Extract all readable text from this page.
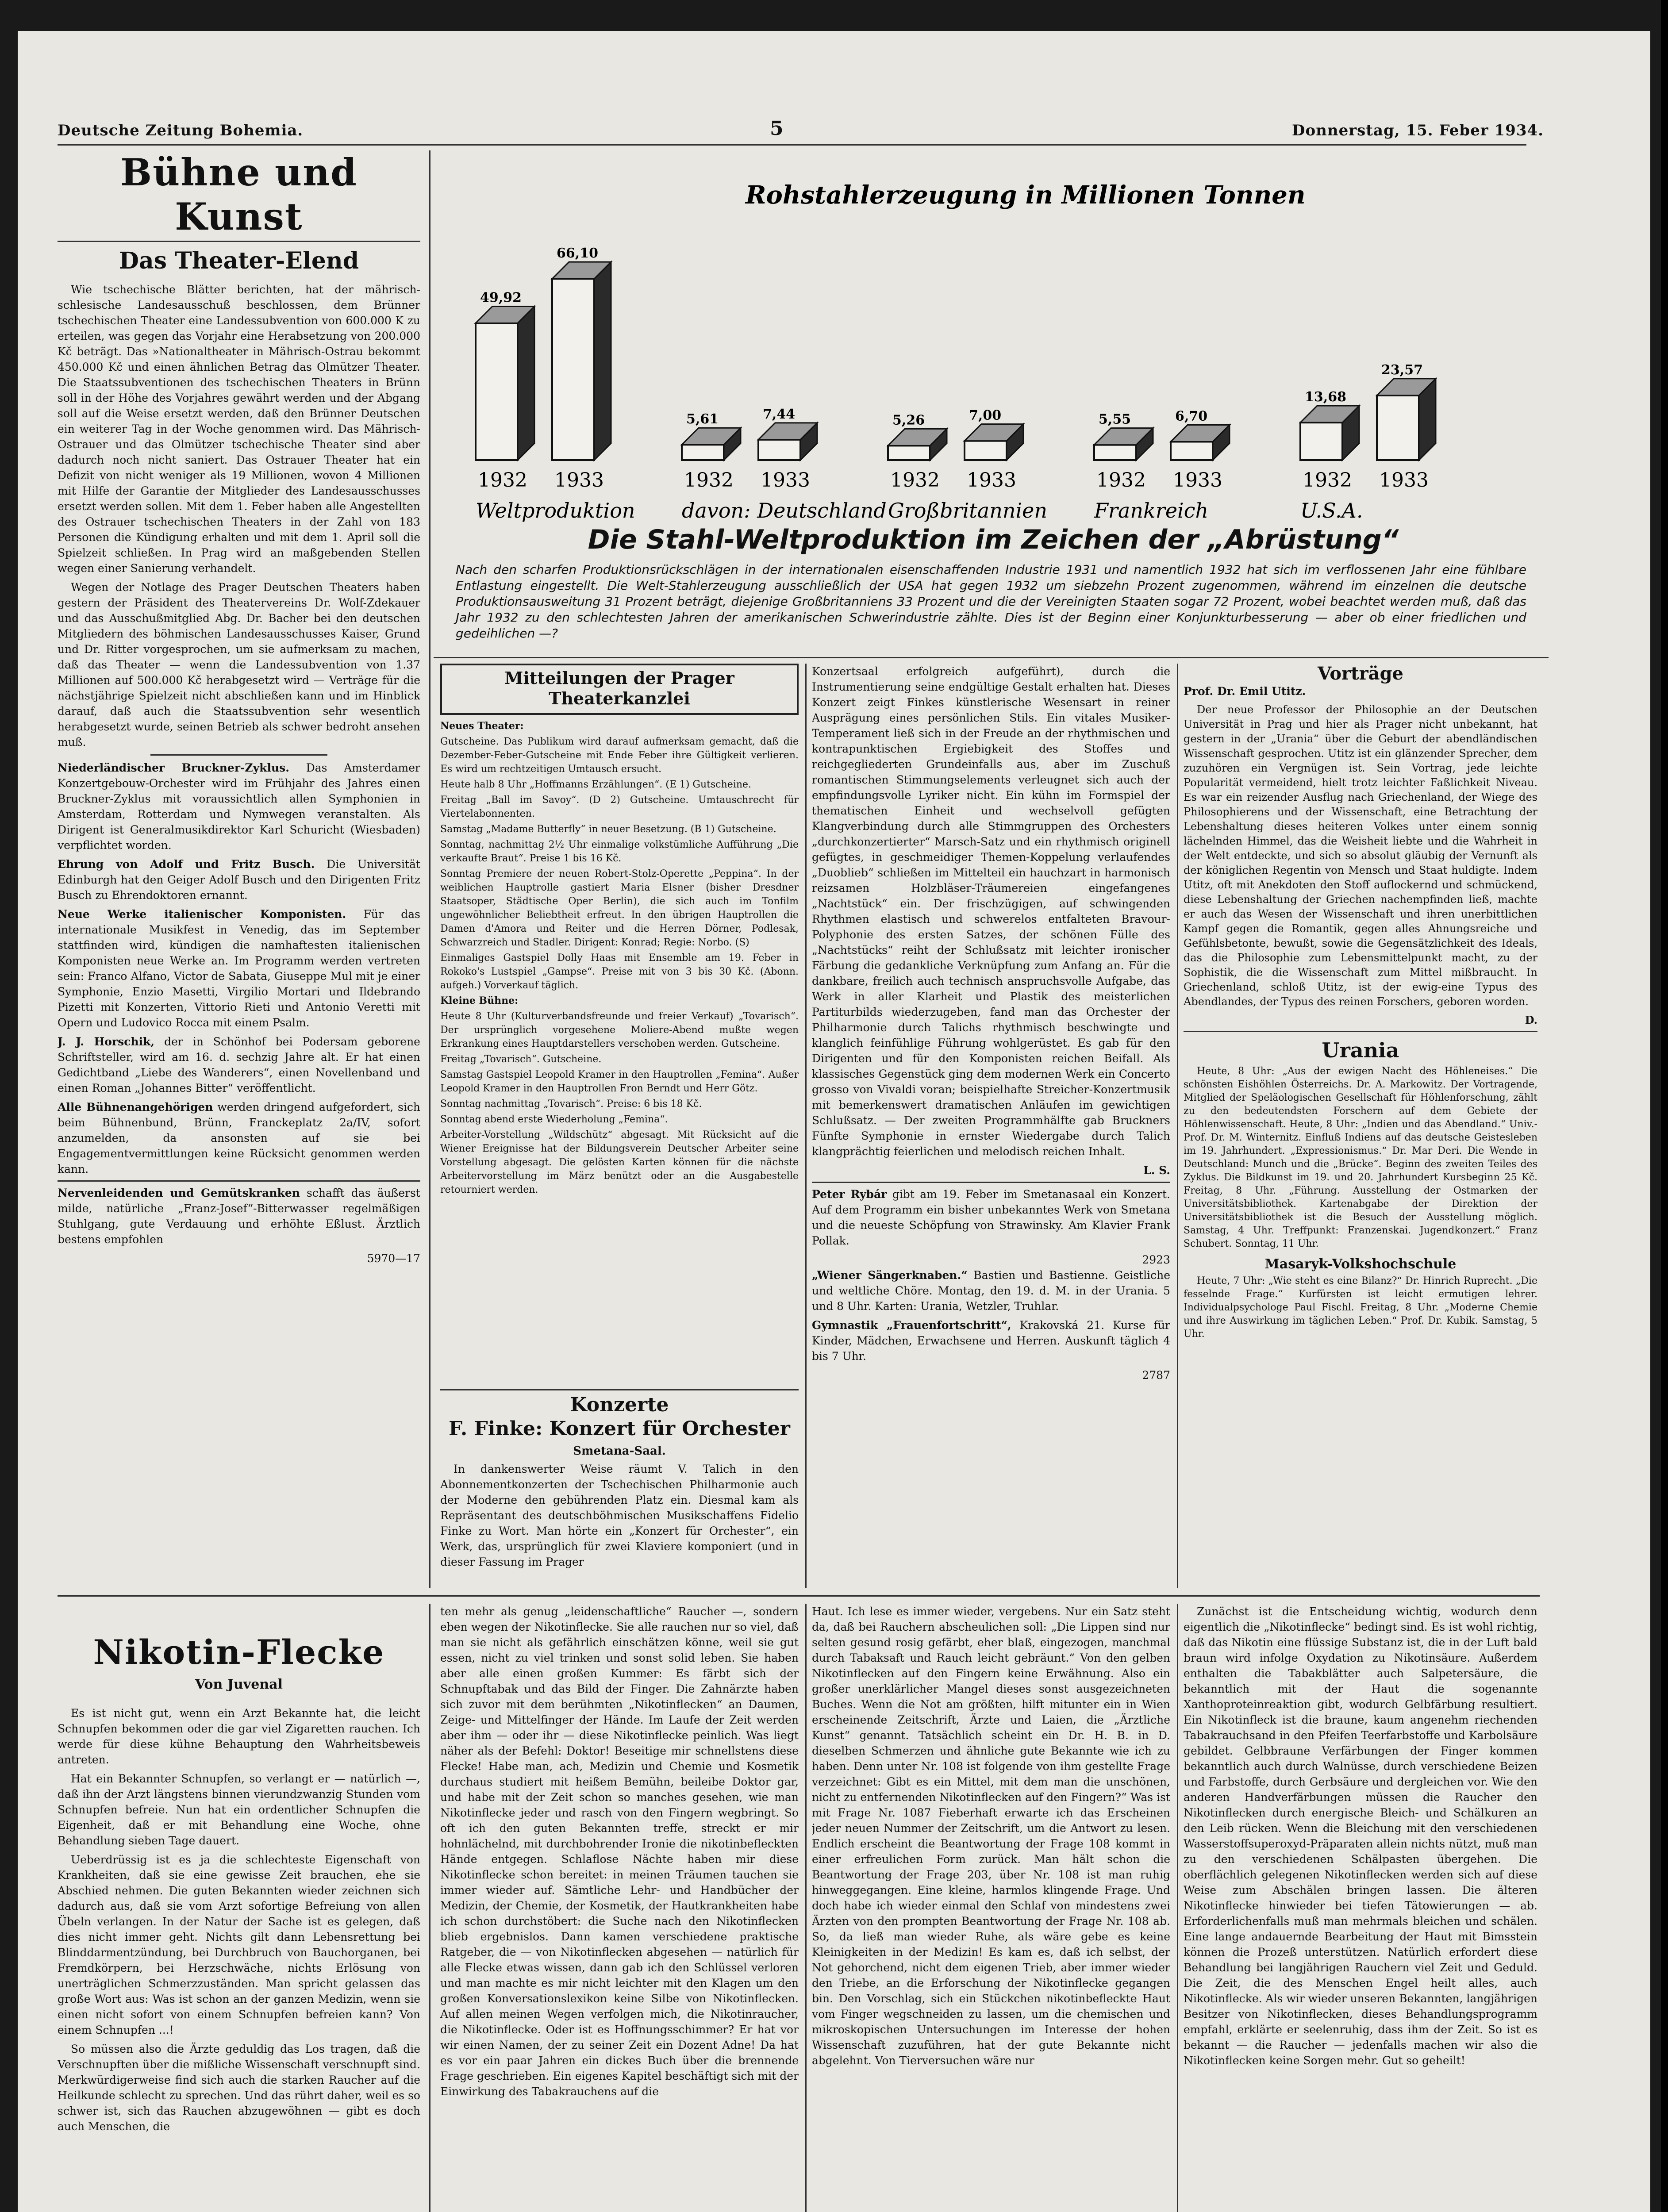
Deutsche Zeitung Bohemia.	5	Donnerstag, 15. Feber 1934.
Bühne und Kunst
Das Theater-Elend

Wie tschechische Blätter berichten, hat der mährisch-schlesische Landesausschuß beschlossen, dem Brünner tschechischen Theater eine Landessubvention von 600.000 K zu erteilen, was gegen das Vorjahr eine Herabsetzung von 200.000 Kč beträgt. Das »Nationaltheater in Mährisch-Ostrau bekommt 450.000 Kč und einen ähnlichen Betrag das Olmützer Theater. Die Staatssubventionen des tschechischen Theaters in Brünn soll in der Höhe des Vorjahres gewährt werden und der Abgang soll auf die Weise ersetzt werden, daß den Brünner Deutschen ein weiterer Tag in der Woche genommen wird. Das Mährisch-Ostrauer und das Olmützer tschechische Theater sind aber dadurch noch nicht saniert. Das Ostrauer Theater hat ein Defizit von nicht weniger als 19 Millionen, wovon 4 Millionen mit Hilfe der Garantie der Mitglieder des Landesausschusses ersetzt werden sollen. Mit dem 1. Feber haben alle Angestellten des Ostrauer tschechischen Theaters in der Zahl von 183 Personen die Kündigung erhalten und mit dem 1. April soll die Spielzeit schließen. In Prag wird an maßgebenden Stellen wegen einer Sanierung verhandelt.

Wegen der Notlage des Prager Deutschen Theaters haben gestern der Präsident des Theatervereins Dr. Wolf-Zdekauer und das Ausschußmitglied Abg. Dr. Bacher bei den deutschen Mitgliedern des böhmischen Landesausschusses Kaiser, Grund und Dr. Ritter vorgesprochen, um sie aufmerksam zu machen, daß das Theater — wenn die Landessubvention von 1.37 Millionen auf 500.000 Kč herabgesetzt wird — Verträge für die nächstjährige Spielzeit nicht abschließen kann und im Hinblick darauf, daß auch die Staatssubvention sehr wesentlich herabgesetzt wurde, seinen Betrieb als schwer bedroht ansehen muß.

Niederländischer Bruckner-Zyklus. Das Amsterdamer Konzertgebouw-Orchester wird im Frühjahr des Jahres einen Bruckner-Zyklus mit voraussichtlich allen Symphonien in Amsterdam, Rotterdam und Nymwegen veranstalten. Als Dirigent ist Generalmusikdirektor Karl Schuricht (Wiesbaden) verpflichtet worden.

Ehrung von Adolf und Fritz Busch. Die Universität Edinburgh hat den Geiger Adolf Busch und den Dirigenten Fritz Busch zu Ehrendoktoren ernannt.

Neue Werke italienischer Komponisten. Für das internationale Musikfest in Venedig, das im September stattfinden wird, kündigen die namhaftesten italienischen Komponisten neue Werke an. Im Programm werden vertreten sein: Franco Alfano, Victor de Sabata, Giuseppe Mul mit je einer Symphonie, Enzio Masetti, Virgilio Mortari und Ildebrando Pizetti mit Konzerten, Vittorio Rieti und Antonio Veretti mit Opern und Ludovico Rocca mit einem Psalm.

J. J. Horschik, der in Schönhof bei Podersam geborene Schriftsteller, wird am 16. d. sechzig Jahre alt. Er hat einen Gedichtband „Liebe des Wanderers“, einen Novellenband und einen Roman „Johannes Bitter“ veröffentlicht.

Alle Bühnenangehörigen werden dringend aufgefordert, sich beim Bühnenbund, Brünn, Franckeplatz 2a/IV, sofort anzumelden, da ansonsten auf sie bei Engagementvermittlungen keine Rücksicht genommen werden kann.

Nervenleidenden und Gemütskranken schafft das äußerst milde, natürliche „Franz-Josef“-Bitterwasser regelmäßigen Stuhlgang, gute Verdauung und erhöhte Eßlust. Ärztlich bestens empfohlen

5970—17
Rohstahlerzeugung in Millionen Tonnen
49,92
1932
66,10
1933
Weltproduktion
5,61
1932
7,44
1933
davon: Deutschland
5,26
1932
7,00
1933
Großbritannien
5,55
1932
6,70
1933
Frankreich
13,68
1932
23,57
1933
U.S.A.
Die Stahl-Weltproduktion im Zeichen der „Abrüstung“
Nach den scharfen Produktionsrückschlägen in der internationalen eisenschaffenden Industrie 1931 und namentlich 1932 hat sich im verflossenen Jahr eine fühlbare Entlastung eingestellt. Die Welt-Stahlerzeugung ausschließlich der USA hat gegen 1932 um siebzehn Prozent zugenommen, während im einzelnen die deutsche Produktionsausweitung 31 Prozent beträgt, diejenige Großbritanniens 33 Prozent und die der Vereinigten Staaten sogar 72 Prozent, wobei beachtet werden muß, daß das Jahr 1932 zu den schlechtesten Jahren der amerikanischen Schwerindustrie zählte. Dies ist der Beginn einer Konjunkturbesserung — aber ob einer friedlichen und gedeihlichen —?
Mitteilungen der Prager Theaterkanzlei

Neues Theater:

Gutscheine. Das Publikum wird darauf aufmerksam gemacht, daß die Dezember-Feber-Gutscheine mit Ende Feber ihre Gültigkeit verlieren. Es wird um rechtzeitigen Umtausch ersucht.

Heute halb 8 Uhr „Hoffmanns Erzählungen“. (E 1) Gutscheine.

Freitag „Ball im Savoy“. (D 2) Gutscheine. Umtauschrecht für Viertelabonnenten.

Samstag „Madame Butterfly“ in neuer Besetzung. (B 1) Gutscheine.

Sonntag, nachmittag 2½ Uhr einmalige volkstümliche Aufführung „Die verkaufte Braut“. Preise 1 bis 16 Kč.

Sonntag Premiere der neuen Robert-Stolz-Operette „Peppina“. In der weiblichen Hauptrolle gastiert Maria Elsner (bisher Dresdner Staatsoper, Städtische Oper Berlin), die sich auch im Tonfilm ungewöhnlicher Beliebtheit erfreut. In den übrigen Hauptrollen die Damen d'Amora und Reiter und die Herren Dörner, Podlesak, Schwarzreich und Stadler. Dirigent: Konrad; Regie: Norbo. (S)

Einmaliges Gastspiel Dolly Haas mit Ensemble am 19. Feber in Rokoko's Lustspiel „Gampse“. Preise mit von 3 bis 30 Kč. (Abonn. aufgeh.) Vorverkauf täglich.

Kleine Bühne:

Heute 8 Uhr (Kulturverbandsfreunde und freier Verkauf) „Tovarisch“. Der ursprünglich vorgesehene Moliere-Abend mußte wegen Erkrankung eines Hauptdarstellers verschoben werden. Gutscheine.

Freitag „Tovarisch“. Gutscheine.

Samstag Gastspiel Leopold Kramer in den Hauptrollen „Femina“. Außer Leopold Kramer in den Hauptrollen Fron Berndt und Herr Götz.

Sonntag nachmittag „Tovarisch“. Preise: 6 bis 18 Kč.

Sonntag abend erste Wiederholung „Femina“.

Arbeiter-Vorstellung „Wildschütz“ abgesagt. Mit Rücksicht auf die Wiener Ereignisse hat der Bildungsverein Deutscher Arbeiter seine Vorstellung abgesagt. Die gelösten Karten können für die nächste Arbeitervorstellung im März benützt oder an die Ausgabestelle retourniert werden.

Konzerte
F. Finke: Konzert für Orchester
Smetana-Saal.

In dankenswerter Weise räumt V. Talich in den Abonnementkonzerten der Tschechischen Philharmonie auch der Moderne den gebührenden Platz ein. Diesmal kam als Repräsentant des deutschböhmischen Musikschaffens Fidelio Finke zu Wort. Man hörte ein „Konzert für Orchester“, ein Werk, das, ursprünglich für zwei Klaviere komponiert (und in dieser Fassung im Prager

Konzertsaal erfolgreich aufgeführt), durch die Instrumentierung seine endgültige Gestalt erhalten hat. Dieses Konzert zeigt Finkes künstlerische Wesensart in reiner Ausprägung eines persönlichen Stils. Ein vitales Musiker-Temperament ließ sich in der Freude an der rhythmischen und kontrapunktischen Ergiebigkeit des Stoffes und reichgegliederten Grundeinfalls aus, aber im Zuschuß romantischen Stimmungselements verleugnet sich auch der empfindungsvolle Lyriker nicht. Ein kühn im Formspiel der thematischen Einheit und wechselvoll gefügten Klangverbindung durch alle Stimmgruppen des Orchesters „durchkonzertierter“ Marsch-Satz und ein rhythmisch originell gefügtes, in geschmeidiger Themen-Koppelung verlaufendes „Duoblieb“ schließen im Mittelteil ein hauchzart in harmonisch reizsamen Holzbläser-Träumereien eingefangenes „Nachtstück“ ein. Der frischzügigen, auf schwingenden Rhythmen elastisch und schwerelos entfalteten Bravour-Polyphonie des ersten Satzes, der schönen Fülle des „Nachtstücks“ reiht der Schlußsatz mit leichter ironischer Färbung die gedankliche Verknüpfung zum Anfang an. Für die dankbare, freilich auch technisch anspruchsvolle Aufgabe, das Werk in aller Klarheit und Plastik des meisterlichen Partiturbilds wiederzugeben, fand man das Orchester der Philharmonie durch Talichs rhythmisch beschwingte und klanglich feinfühlige Führung wohlgerüstet. Es gab für den Dirigenten und für den Komponisten reichen Beifall. Als klassisches Gegenstück ging dem modernen Werk ein Concerto grosso von Vivaldi voran; beispielhafte Streicher-Konzertmusik mit bemerkenswert dramatischen Anläufen im gewichtigen Schlußsatz. — Der zweiten Programmhälfte gab Bruckners Fünfte Symphonie in ernster Wiedergabe durch Talich klangprächtig feierlichen und melodisch reichen Inhalt.

L. S.

Peter Rybár gibt am 19. Feber im Smetanasaal ein Konzert. Auf dem Programm ein bisher unbekanntes Werk von Smetana und die neueste Schöpfung von Strawinsky. Am Klavier Frank Pollak.

2923

„Wiener Sängerknaben.“ Bastien und Bastienne. Geistliche und weltliche Chöre. Montag, den 19. d. M. in der Urania. 5 und 8 Uhr. Karten: Urania, Wetzler, Truhlar.

Gymnastik „Frauenfortschritt“, Krakovská 21. Kurse für Kinder, Mädchen, Erwachsene und Herren. Auskunft täglich 4 bis 7 Uhr.

2787
Vorträge

Prof. Dr. Emil Utitz.

Der neue Professor der Philosophie an der Deutschen Universität in Prag und hier als Prager nicht unbekannt, hat gestern in der „Urania“ über die Geburt der abendländischen Wissenschaft gesprochen. Utitz ist ein glänzender Sprecher, dem zuzuhören ein Vergnügen ist. Sein Vortrag, jede leichte Popularität vermeidend, hielt trotz leichter Faßlichkeit Niveau. Es war ein reizender Ausflug nach Griechenland, der Wiege des Philosophierens und der Wissenschaft, eine Betrachtung der Lebenshaltung dieses heiteren Volkes unter einem sonnig lächelnden Himmel, das die Weisheit liebte und die Wahrheit in der Welt entdeckte, und sich so absolut gläubig der Vernunft als der königlichen Regentin von Mensch und Staat huldigte. Indem Utitz, oft mit Anekdoten den Stoff auflockernd und schmückend, diese Lebenshaltung der Griechen nachempfinden ließ, machte er auch das Wesen der Wissenschaft und ihren unerbittlichen Kampf gegen die Romantik, gegen alles Ahnungsreiche und Gefühlsbetonte, bewußt, sowie die Gegensätzlichkeit des Ideals, das die Philosophie zum Lebensmittelpunkt macht, zu der Sophistik, die die Wissenschaft zum Mittel mißbraucht. In Griechenland, schloß Utitz, ist der ewig-eine Typus des Abendlandes, der Typus des reinen Forschers, geboren worden.

D.
Urania

Heute, 8 Uhr: „Aus der ewigen Nacht des Höhleneises.“ Die schönsten Eishöhlen Österreichs. Dr. A. Markowitz. Der Vortragende, Mitglied der Speläologischen Gesellschaft für Höhlenforschung, zählt zu den bedeutendsten Forschern auf dem Gebiete der Höhlenwissenschaft. Heute, 8 Uhr: „Indien und das Abendland.“ Univ.-Prof. Dr. M. Winternitz. Einfluß Indiens auf das deutsche Geistesleben im 19. Jahrhundert. „Expressionismus.“ Dr. Mar Deri. Die Wende in Deutschland: Munch und die „Brücke“. Beginn des zweiten Teiles des Zyklus. Die Bildkunst im 19. und 20. Jahrhundert Kursbeginn 25 Kč. Freitag, 8 Uhr. „Führung. Ausstellung der Ostmarken der Universitätsbibliothek. Kartenabgabe der Direktion der Universitätsbibliothek ist die Besuch der Ausstellung möglich. Samstag, 4 Uhr. Treffpunkt: Franzenskai. Jugendkonzert.“ Franz Schubert. Sonntag, 11 Uhr.

Masaryk-Volkshochschule

Heute, 7 Uhr: „Wie steht es eine Bilanz?“ Dr. Hinrich Ruprecht. „Die fesselnde Frage.“ Kurfürsten ist leicht ermutigen lehrer. Individualpsychologe Paul Fischl. Freitag, 8 Uhr. „Moderne Chemie und ihre Auswirkung im täglichen Leben.“ Prof. Dr. Kubik. Samstag, 5 Uhr.

Nikotin-Flecke
Von Juvenal

Es ist nicht gut, wenn ein Arzt Bekannte hat, die leicht Schnupfen bekommen oder die gar viel Zigaretten rauchen. Ich werde für diese kühne Behauptung den Wahrheitsbeweis antreten.

Hat ein Bekannter Schnupfen, so verlangt er — natürlich —, daß ihn der Arzt längstens binnen vierundzwanzig Stunden vom Schnupfen befreie. Nun hat ein ordentlicher Schnupfen die Eigenheit, daß er mit Behandlung eine Woche, ohne Behandlung sieben Tage dauert.

Ueberdrüssig ist es ja die schlechteste Eigenschaft von Krankheiten, daß sie eine gewisse Zeit brauchen, ehe sie Abschied nehmen. Die guten Bekannten wieder zeichnen sich dadurch aus, daß sie vom Arzt sofortige Befreiung von allen Übeln verlangen. In der Natur der Sache ist es gelegen, daß dies nicht immer geht. Nichts gilt dann Lebensrettung bei Blinddarmentzündung, bei Durchbruch von Bauchorganen, bei Fremdkörpern, bei Herzschwäche, nichts Erlösung von unerträglichen Schmerzzuständen. Man spricht gelassen das große Wort aus: Was ist schon an der ganzen Medizin, wenn sie einen nicht sofort von einem Schnupfen befreien kann? Von einem Schnupfen ...!

So müssen also die Ärzte geduldig das Los tragen, daß die Verschnupften über die mißliche Wissenschaft verschnupft sind. Merkwürdigerweise find sich auch die starken Raucher auf die Heilkunde schlecht zu sprechen. Und das rührt daher, weil es so schwer ist, sich das Rauchen abzugewöhnen — gibt es doch auch Menschen, die

ten mehr als genug „leidenschaftliche“ Raucher —, sondern eben wegen der Nikotinflecke. Sie alle rauchen nur so viel, daß man sie nicht als gefährlich einschätzen könne, weil sie gut essen, nicht zu viel trinken und sonst solid leben. Sie haben aber alle einen großen Kummer: Es färbt sich der Schnupftabak und das Bild der Finger. Die Zahnärzte haben sich zuvor mit dem berühmten „Nikotinflecken“ an Daumen, Zeige- und Mittelfinger der Hände. Im Laufe der Zeit werden aber ihm — oder ihr — diese Nikotinflecke peinlich. Was liegt näher als der Befehl: Doktor! Beseitige mir schnellstens diese Flecke! Habe man, ach, Medizin und Chemie und Kosmetik durchaus studiert mit heißem Bemühn, beileibe Doktor gar, und habe mit der Zeit schon so manches gesehen, wie man Nikotinflecke jeder und rasch von den Fingern wegbringt. So oft ich den guten Bekannten treffe, streckt er mir hohnlächelnd, mit durchbohrender Ironie die nikotinbefleckten Hände entgegen. Schlaflose Nächte haben mir diese Nikotinflecke schon bereitet: in meinen Träumen tauchen sie immer wieder auf. Sämtliche Lehr- und Handbücher der Medizin, der Chemie, der Kosmetik, der Hautkrankheiten habe ich schon durchstöbert: die Suche nach den Nikotinflecken blieb ergebnislos. Dann kamen verschiedene praktische Ratgeber, die — von Nikotinflecken abgesehen — natürlich für alle Flecke etwas wissen, dann gab ich den Schlüssel verloren und man machte es mir nicht leichter mit den Klagen um den großen Konversationslexikon keine Silbe von Nikotinflecken. Auf allen meinen Wegen verfolgen mich, die Nikotinraucher, die Nikotinflecke. Oder ist es Hoffnungsschimmer? Er hat vor wir einen Namen, der zu seiner Zeit ein Dozent Adne! Da hat es vor ein paar Jahren ein dickes Buch über die brennende Frage geschrieben. Ein eigenes Kapitel beschäftigt sich mit der Einwirkung des Tabakrauchens auf die

Haut. Ich lese es immer wieder, vergebens. Nur ein Satz steht da, daß bei Rauchern abscheulichen soll: „Die Lippen sind nur selten gesund rosig gefärbt, eher blaß, eingezogen, manchmal durch Tabaksaft und Rauch leicht gebräunt.“ Von den gelben Nikotinflecken auf den Fingern keine Erwähnung. Also ein großer unerklärlicher Mangel dieses sonst ausgezeichneten Buches. Wenn die Not am größten, hilft mitunter ein in Wien erscheinende Zeitschrift, Ärzte und Laien, die „Ärztliche Kunst“ genannt. Tatsächlich scheint ein Dr. H. B. in D. dieselben Schmerzen und ähnliche gute Bekannte wie ich zu haben. Denn unter Nr. 108 ist folgende von ihm gestellte Frage verzeichnet: Gibt es ein Mittel, mit dem man die unschönen, nicht zu entfernenden Nikotinflecken auf den Fingern?“ Was ist mit Frage Nr. 1087 Fieberhaft erwarte ich das Erscheinen jeder neuen Nummer der Zeitschrift, um die Antwort zu lesen. Endlich erscheint die Beantwortung der Frage 108 kommt in einer erfreulichen Form zurück. Man hält schon die Beantwortung der Frage 203, über Nr. 108 ist man ruhig hinweggegangen. Eine kleine, harmlos klingende Frage. Und doch habe ich wieder einmal den Schlaf von mindestens zwei Ärzten von den prompten Beantwortung der Frage Nr. 108 ab. So, da ließ man wieder Ruhe, als wäre gebe es keine Kleinigkeiten in der Medizin! Es kam es, daß ich selbst, der Not gehorchend, nicht dem eigenen Trieb, aber immer wieder den Triebe, an die Erforschung der Nikotinflecke gegangen bin. Den Vorschlag, sich ein Stückchen nikotinbefleckte Haut vom Finger wegschneiden zu lassen, um die chemischen und mikroskopischen Untersuchungen im Interesse der hohen Wissenschaft zuzuführen, hat der gute Bekannte nicht abgelehnt. Von Tierversuchen wäre nur

Zunächst ist die Entscheidung wichtig, wodurch denn eigentlich die „Nikotinflecke“ bedingt sind. Es ist wohl richtig, daß das Nikotin eine flüssige Substanz ist, die in der Luft bald braun wird infolge Oxydation zu Nikotinsäure. Außerdem enthalten die Tabakblätter auch Salpetersäure, die bekanntlich mit der Haut die sogenannte Xanthoproteinreaktion gibt, wodurch Gelbfärbung resultiert. Ein Nikotinfleck ist die braune, kaum angenehm riechenden Tabakrauchsand in den Pfeifen Teerfarbstoffe und Karbolsäure gebildet. Gelbbraune Verfärbungen der Finger kommen bekanntlich auch durch Walnüsse, durch verschiedene Beizen und Farbstoffe, durch Gerbsäure und dergleichen vor. Wie den anderen Handverfärbungen müssen die Raucher den Nikotinflecken durch energische Bleich- und Schälkuren an den Leib rücken. Wenn die Bleichung mit den verschiedenen Wasserstoffsuperoxyd-Präparaten allein nichts nützt, muß man zu den verschiedenen Schälpasten übergehen. Die oberflächlich gelegenen Nikotinflecken werden sich auf diese Weise zum Abschälen bringen lassen. Die älteren Nikotinflecke hinwieder bei tiefen Tätowierungen — ab. Erforderlichenfalls muß man mehrmals bleichen und schälen. Eine lange andauernde Bearbeitung der Haut mit Bimsstein können die Prozeß unterstützen. Natürlich erfordert diese Behandlung bei langjährigen Rauchern viel Zeit und Geduld. Die Zeit, die des Menschen Engel heilt alles, auch Nikotinflecke. Als wir wieder unseren Bekannten, langjährigen Besitzer von Nikotinflecken, dieses Behandlungsprogramm empfahl, erklärte er seelenruhig, dass ihm der Zeit. So ist es bekannt — die Raucher — jedenfalls machen wir also die Nikotinflecken keine Sorgen mehr. Gut so geheilt!
